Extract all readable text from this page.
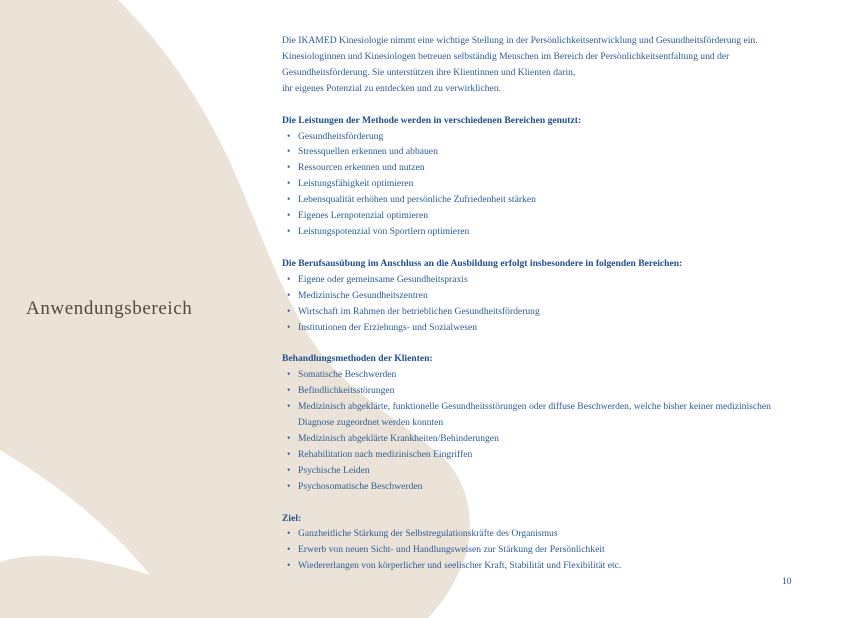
Anwendungsbereich

Die IKAMED Kinesiologie nimmt eine wichtige Stellung in der Persönlichkeitsentwicklung und Gesundheitsförderung ein.

Kinesiologinnen und Kinesiologen betreuen selbständig Menschen im Bereich der Persönlichkeitsentfaltung und der

Gesundheitsförderung. Sie unterstützen ihre Klientinnen und Klienten darin,

ihr eigenes Potenzial zu entdecken und zu verwirklichen.

Die Leistungen der Methode werden in verschiedenen Bereichen genutzt:
• Gesundheitsförderung
• Stressquellen erkennen und abbauen
• Ressourcen erkennen und nutzen
• Leistungsfähigkeit optimieren
• Lebensqualität erhöhen und persönliche Zufriedenheit stärken
• Eigenes Lernpotenzial optimieren
• Leistungspotenzial von Sportlern optimieren
Die Berufsausübung im Anschluss an die Ausbildung erfolgt insbesondere in folgenden Bereichen:
• Eigene oder gemeinsame Gesundheitspraxis
• Medizinische Gesundheitszentren
• Wirtschaft im Rahmen der betrieblichen Gesundheitsförderung
• Institutionen der Erziehungs- und Sozialwesen
Behandlungsmethoden der Klienten:
• Somatische Beschwerden
• Befindlichkeitsstörungen
• Medizinisch abgeklärte, funktionelle Gesundheitsstörungen oder diffuse Beschwerden, welche bisher keiner medizinischen Diagnose zugeordnet werden konnten
• Medizinisch abgeklärte Krankheiten/Behinderungen
• Rehabilitation nach medizinischen Eingriffen
• Psychische Leiden
• Psychosomatische Beschwerden
Ziel:
• Ganzheitliche Stärkung der Selbstregulationskräfte des Organismus
• Erwerb von neuen Sicht- und Handlungsweisen zur Stärkung der Persönlichkeit
• Wiedererlangen von körperlicher und seelischer Kraft, Stabilität und Flexibilität etc.
10
